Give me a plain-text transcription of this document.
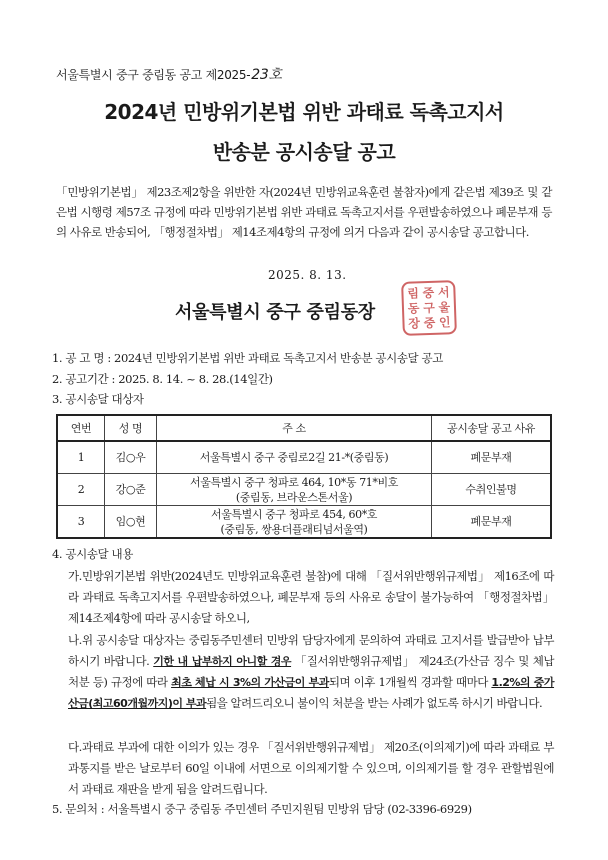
서울특별시 중구 중림동 공고 제2025-23호
2024년 민방위기본법 위반 과태료 독촉고지서
반송분 공시송달 공고
「민방위기본법」 제23조제2항을 위반한 자(2024년 민방위교육훈련 불참자)에게 같은법 제39조 및 같은법 시행령 제57조 규정에 따라 민방위기본법 위반 과태료 독촉고지서를 우편발송하였으나 폐문부재 등의 사유로 반송되어, 「행정절차법」 제14조제4항의 규정에 의거 다음과 같이 공시송달 공고합니다.
2025. 8. 13.
서울특별시 중구 중림동장
림 중 서
동 구 울
장 중 인
1. 공 고 명 : 2024년 민방위기본법 위반 과태료 독촉고지서 반송분 공시송달 공고
2. 공고기간 : 2025. 8. 14. ~ 8. 28.(14일간)
3. 공시송달 대상자
연번	성 명	주 소	공시송달 공고 사유
1	김○우	서울특별시 중구 중림로2길 21-*(중림동)	폐문부재
2	강○준	서울특별시 중구 청파로 464, 10*동 71*비호
(중림동, 브라운스톤서울)	수취인불명
3	임○현	서울특별시 중구 청파로 454, 60*호
(중림동, 쌍용더플래티넘서울역)	폐문부재
4. 공시송달 내용
가.민방위기본법 위반(2024년도 민방위교육훈련 불참)에 대해 「질서위반행위규제법」 제16조에 따라 과태료 독촉고지서를 우편발송하였으나, 폐문부재 등의 사유로 송달이 불가능하여 「행정절차법」 제14조제4항에 따라 공시송달 하오니,
나.위 공시송달 대상자는 중림동주민센터 민방위 담당자에게 문의하여 과태료 고지서를 발급받아 납부하시기 바랍니다. 기한 내 납부하지 아니할 경우 「질서위반행위규제법」 제24조(가산금 징수 및 체납처분 등) 규정에 따라 최초 체납 시 3%의 가산금이 부과되며 이후 1개월씩 경과할 때마다 1.2%의 중가산금(최고60개월까지)이 부과됨을 알려드리오니 불이익 처분을 받는 사례가 없도록 하시기 바랍니다.
다.과태료 부과에 대한 이의가 있는 경우 「질서위반행위규제법」 제20조(이의제기)에 따라 과태료 부과통지를 받은 날로부터 60일 이내에 서면으로 이의제기할 수 있으며, 이의제기를 할 경우 관할법원에서 과태료 재판을 받게 됨을 알려드립니다.
5. 문의처 : 서울특별시 중구 중림동 주민센터 주민지원팀 민방위 담당 (02-3396-6929)
